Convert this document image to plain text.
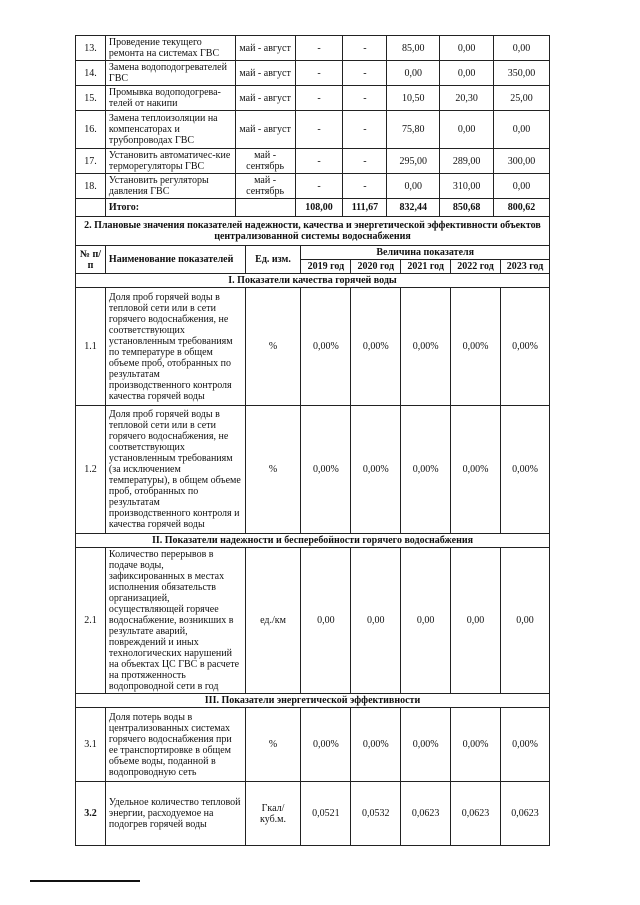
13.	Проведение текущего ремонта на системах ГВС	май - август	-	-	85,00	0,00	0,00
14.	Замена водоподогревателей ГВС	май - август	-	-	0,00	0,00	350,00
15.	Промывка водоподогрева-телей от накипи	май - август	-	-	10,50	20,30	25,00
16.	Замена теплоизоляции на компенсаторах и трубопроводах ГВС	май - август	-	-	75,80	0,00	0,00
17.	Установить автоматичес-кие терморегуляторы ГВС	май - сентябрь	-	-	295,00	289,00	300,00
18.	Установить регуляторы давления ГВС	май - сентябрь	-	-	0,00	310,00	0,00
	Итого:		108,00	111,67	832,44	850,68	800,62
2. Плановые значения показателей надежности, качества и энергетической эффективности объектов централизованной системы водоснабжения							
№ п/п	Наименование показателей	Ед. изм.	Величина показателя				
			2019 год	2020 год	2021 год	2022 год	2023 год
I. Показатели качества горячей воды							
1.1	Доля проб горячей воды в тепловой сети или в сети горячего водоснабжения, не соответствующих установленным требованиям по температуре в общем объеме проб, отобранных по результатам производственного контроля качества горячей воды	%	0,00%	0,00%	0,00%	0,00%	0,00%
1.2	Доля проб горячей воды в тепловой сети или в сети горячего водоснабжения, не соответствующих установленным требованиям (за исключением температуры), в общем объеме проб, отобранных по результатам производственного контроля и качества горячей воды	%	0,00%	0,00%	0,00%	0,00%	0,00%
II. Показатели надежности и бесперебойности горячего водоснабжения							
2.1	Количество перерывов в подаче воды, зафиксированных в местах исполнения обязательств организацией, осуществляющей горячее водоснабжение, возникших в результате аварий, повреждений и иных технологических нарушений на объектах ЦС ГВС в расчете на протяженность водопроводной сети в год	ед./км	0,00	0,00	0,00	0,00	0,00
III. Показатели энергетической эффективности							
3.1	Доля потерь воды в централизованных системах горячего водоснабжения при ее транспортировке в общем объеме воды, поданной в водопроводную сеть	%	0,00%	0,00%	0,00%	0,00%	0,00%
3.2	Удельное количество тепловой энергии, расходуемое на подогрев горячей воды	Гкал/ куб.м.	0,0521	0,0532	0,0623	0,0623	0,0623
